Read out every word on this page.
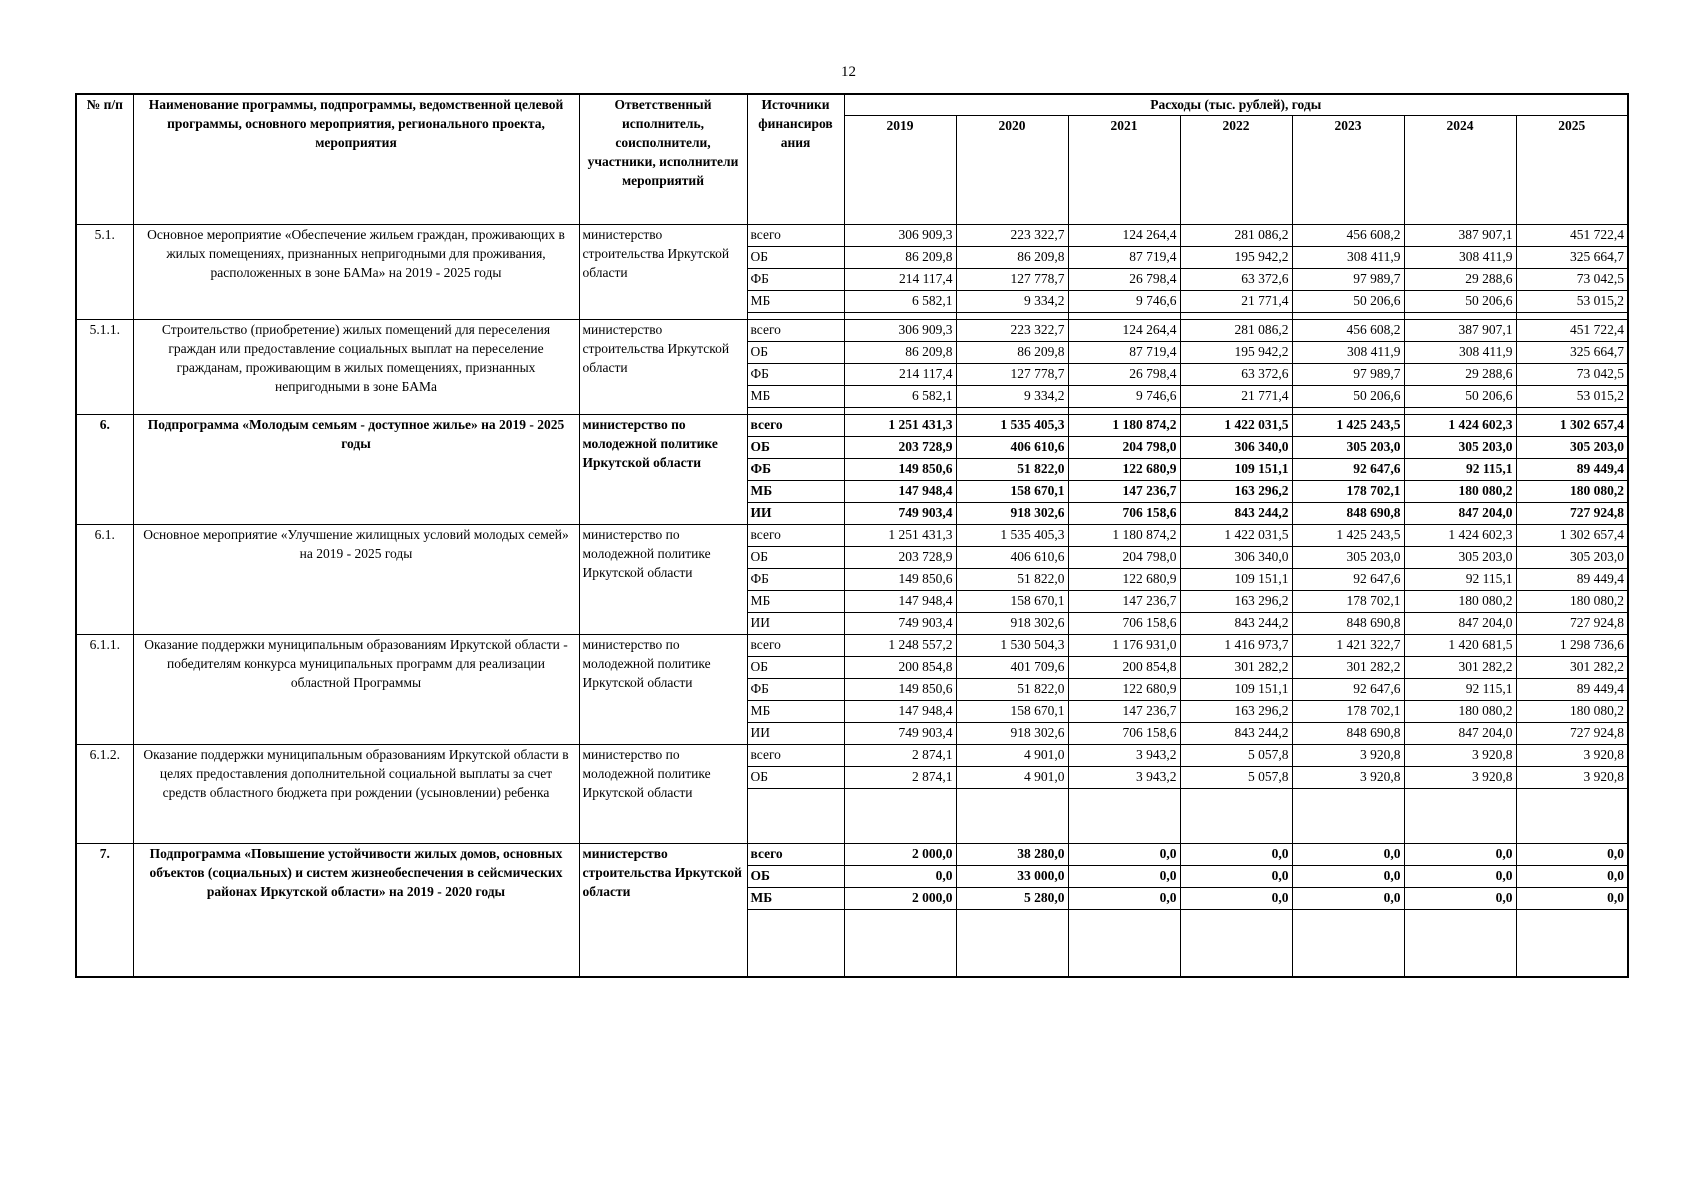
12
№ п/п	Наименование программы, подпрограммы, ведомственной целевой программы, основного мероприятия, регионального проекта, мероприятия	Ответственный исполнитель, соисполнители, участники, исполнители мероприятий	Источники финансиров ания	Расходы (тыс. рублей), годы						
				2019	2020	2021	2022	2023	2024	2025
5.1.	Основное мероприятие «Обеспечение жильем граждан, проживающих в жилых помещениях, признанных непригодными для проживания, расположенных в зоне БАМа» на 2019 - 2025 годы	министерство строительства Иркутской области	всего	306 909,3	223 322,7	124 264,4	281 086,2	456 608,2	387 907,1	451 722,4
			ОБ	86 209,8	86 209,8	87 719,4	195 942,2	308 411,9	308 411,9	325 664,7
			ФБ	214 117,4	127 778,7	26 798,4	63 372,6	97 989,7	29 288,6	73 042,5
			МБ	6 582,1	9 334,2	9 746,6	21 771,4	50 206,6	50 206,6	53 015,2

5.1.1.	Строительство (приобретение) жилых помещений для переселения граждан или предоставление социальных выплат на переселение гражданам, проживающим в жилых помещениях, признанных непригодными в зоне БАМа	министерство строительства Иркутской области	всего	306 909,3	223 322,7	124 264,4	281 086,2	456 608,2	387 907,1	451 722,4
			ОБ	86 209,8	86 209,8	87 719,4	195 942,2	308 411,9	308 411,9	325 664,7
			ФБ	214 117,4	127 778,7	26 798,4	63 372,6	97 989,7	29 288,6	73 042,5
			МБ	6 582,1	9 334,2	9 746,6	21 771,4	50 206,6	50 206,6	53 015,2

6.	Подпрограмма «Молодым семьям - доступное жилье» на 2019 - 2025 годы	министерство по молодежной политике Иркутской области	всего	1 251 431,3	1 535 405,3	1 180 874,2	1 422 031,5	1 425 243,5	1 424 602,3	1 302 657,4
			ОБ	203 728,9	406 610,6	204 798,0	306 340,0	305 203,0	305 203,0	305 203,0
			ФБ	149 850,6	51 822,0	122 680,9	109 151,1	92 647,6	92 115,1	89 449,4
			МБ	147 948,4	158 670,1	147 236,7	163 296,2	178 702,1	180 080,2	180 080,2
			ИИ	749 903,4	918 302,6	706 158,6	843 244,2	848 690,8	847 204,0	727 924,8
6.1.	Основное мероприятие «Улучшение жилищных условий молодых семей» на 2019 - 2025 годы	министерство по молодежной политике Иркутской области	всего	1 251 431,3	1 535 405,3	1 180 874,2	1 422 031,5	1 425 243,5	1 424 602,3	1 302 657,4
			ОБ	203 728,9	406 610,6	204 798,0	306 340,0	305 203,0	305 203,0	305 203,0
			ФБ	149 850,6	51 822,0	122 680,9	109 151,1	92 647,6	92 115,1	89 449,4
			МБ	147 948,4	158 670,1	147 236,7	163 296,2	178 702,1	180 080,2	180 080,2
			ИИ	749 903,4	918 302,6	706 158,6	843 244,2	848 690,8	847 204,0	727 924,8
6.1.1.	Оказание поддержки муниципальным образованиям Иркутской области - победителям конкурса муниципальных программ для реализации областной Программы	министерство по молодежной политике Иркутской области	всего	1 248 557,2	1 530 504,3	1 176 931,0	1 416 973,7	1 421 322,7	1 420 681,5	1 298 736,6
			ОБ	200 854,8	401 709,6	200 854,8	301 282,2	301 282,2	301 282,2	301 282,2
			ФБ	149 850,6	51 822,0	122 680,9	109 151,1	92 647,6	92 115,1	89 449,4
			МБ	147 948,4	158 670,1	147 236,7	163 296,2	178 702,1	180 080,2	180 080,2
			ИИ	749 903,4	918 302,6	706 158,6	843 244,2	848 690,8	847 204,0	727 924,8
6.1.2.	Оказание поддержки муниципальным образованиям Иркутской области в целях предоставления дополнительной социальной выплаты за счет средств областного бюджета при рождении (усыновлении) ребенка	министерство по молодежной политике Иркутской области	всего	2 874,1	4 901,0	3 943,2	5 057,8	3 920,8	3 920,8	3 920,8
			ОБ	2 874,1	4 901,0	3 943,2	5 057,8	3 920,8	3 920,8	3 920,8

7.	Подпрограмма «Повышение устойчивости жилых домов, основных объектов (социальных) и систем жизнеобеспечения в сейсмических районах Иркутской области» на 2019 - 2020 годы	министерство строительства Иркутской области	всего	2 000,0	38 280,0	0,0	0,0	0,0	0,0	0,0
			ОБ	0,0	33 000,0	0,0	0,0	0,0	0,0	0,0
			МБ	2 000,0	5 280,0	0,0	0,0	0,0	0,0	0,0
